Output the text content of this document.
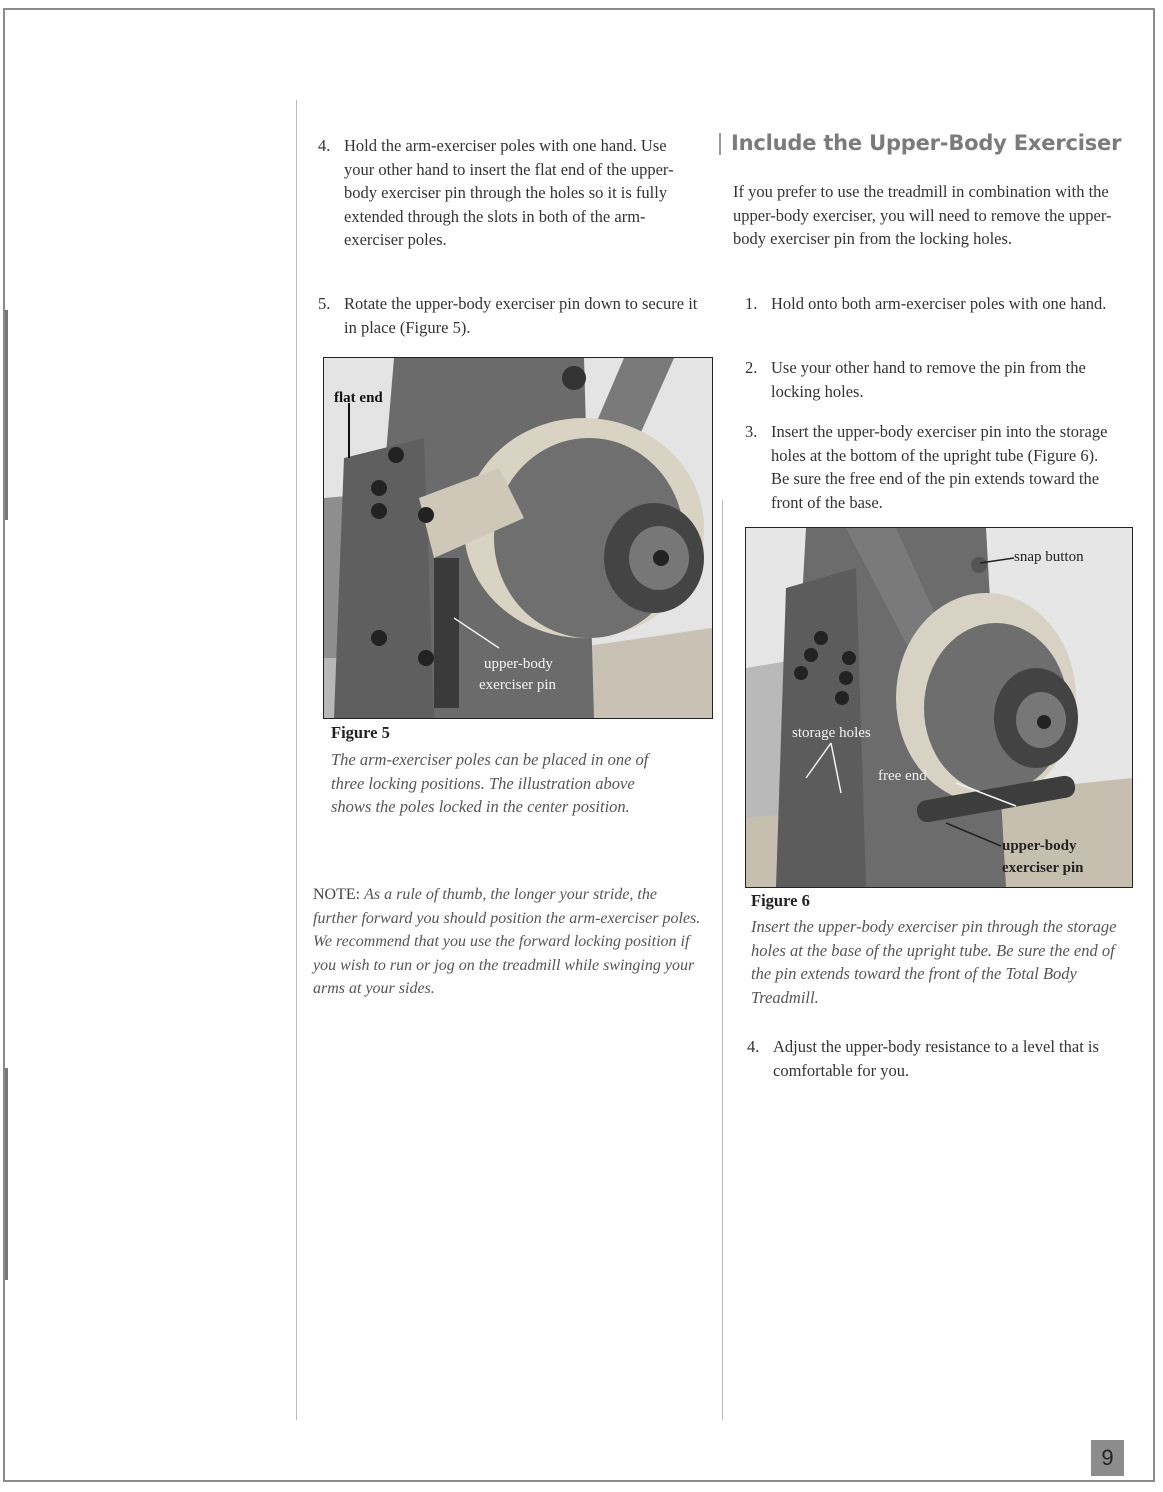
4. Hold the arm-exerciser poles with one hand. Use your other hand to insert the flat end of the upper-body exerciser pin through the holes so it is fully extended through the slots in both of the arm-exerciser poles.
5. Rotate the upper-body exerciser pin down to secure it in place (Figure 5).
flat end
upper-body
exerciser pin
Figure 5
The arm-exerciser poles can be placed in one of three locking positions. The illustration above shows the poles locked in the center position.
NOTE: As a rule of thumb, the longer your stride, the further forward you should position the arm-exerciser poles. We recommend that you use the forward locking position if you wish to run or jog on the treadmill while swinging your arms at your sides.
Include the Upper-Body Exerciser
If you prefer to use the treadmill in combination with the upper-body exerciser, you will need to remove the upper-body exerciser pin from the locking holes.
1. Hold onto both arm-exerciser poles with one hand.
2. Use your other hand to remove the pin from the locking holes.
3. Insert the upper-body exerciser pin into the storage holes at the bottom of the upright tube (Figure 6). Be sure the free end of the pin extends toward the front of the base.
snap button
storage holes
free end
upper-body
exerciser pin
Figure 6
Insert the upper-body exerciser pin through the storage holes at the base of the upright tube. Be sure the end of the pin extends toward the front of the Total Body Treadmill.
4. Adjust the upper-body resistance to a level that is comfortable for you.
9
